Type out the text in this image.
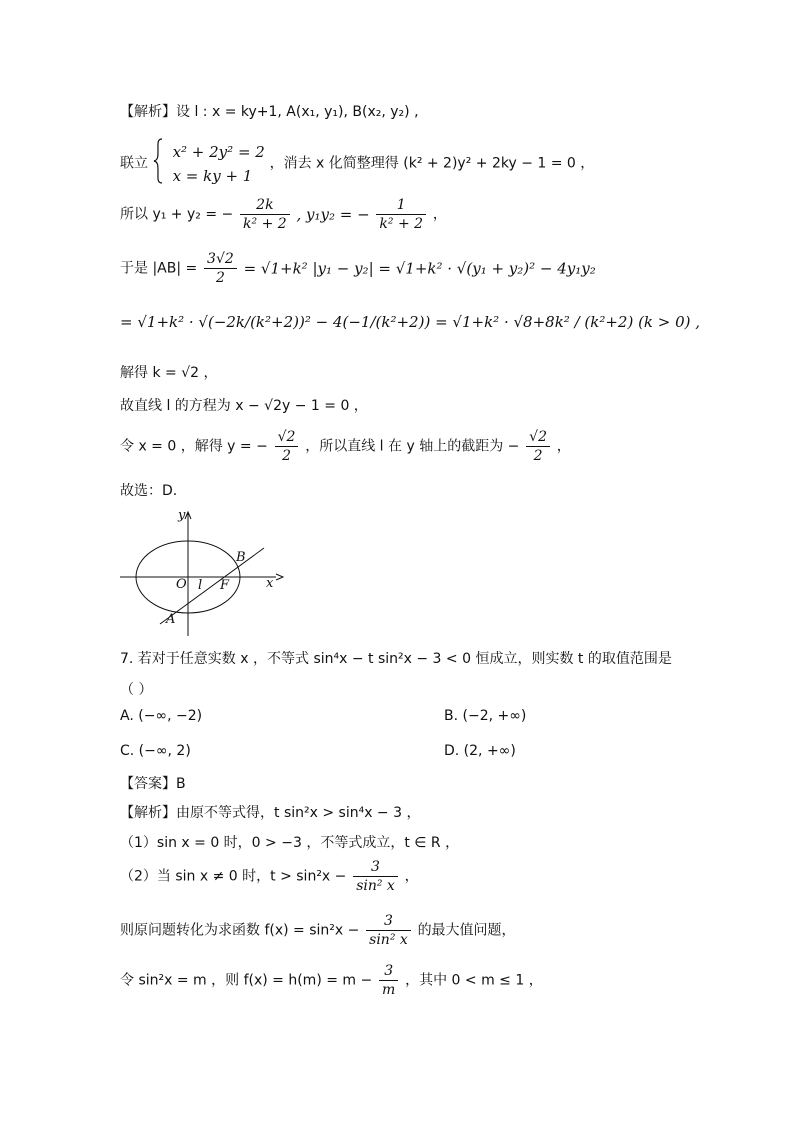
【解析】设 l : x = ky+1, A(x₁, y₁), B(x₂, y₂) ,
联立
x² + 2y² = 2
x = ky + 1
，消去 x 化简整理得 (k² + 2)y² + 2ky − 1 = 0 ，
所以 y₁ + y₂ = − $\frac{2k}{\text{k² + 2}}$ , y₁y₂ = − $\frac{1}{\text{k² + 2}}$ ，
于是 $|AB| = \frac{3√2}{2} = √1+k^2$ |y₁ − y₂| = √1+k² · √(y₁ + y₂)² − 4y₁y₂
= √1+k² · √(−2k/(k²+2))² − 4(−1/(k²+2)) = √1+k² · √8+8k² / (k²+2) (k > 0) ,
解得 k = √2 ，
故直线 l 的方程为 x − √2y − 1 = 0 ，
令 x = 0 ，解得 y = − $\frac{√2}{2}$ ，所以直线 l 在 y 轴上的截距为 − $\frac{√2}{2}$ ，
故选：D.
y
x
O l F
A
B
7. 若对于任意实数 x ，不等式 sin⁴x − t sin²x − 3 < 0 恒成立，则实数 t 的取值范围是
（ ）
A. (−∞, −2)	B. (−2, +∞)
C. (−∞, 2)	D. (2, +∞)
【答案】B
【解析】由原不等式得，t sin²x > sin⁴x − 3 ，
（1）sin x = 0 时，0 > −3 ，不等式成立，t ∈ R ，
（2）当 sin x ≠ 0 时，$t > \sin^2x - \frac{3}{\text{sin² x}}$ ，
则原问题转化为求函数 $f(x) = \sin^2x - \frac{3}{\text{sin² x}}$ 的最大值问题，
令 sin²x = m ，则 $f(x) = h(m) = m - \frac{3}{m}$ ，其中 0 < m ≤ 1 ，
